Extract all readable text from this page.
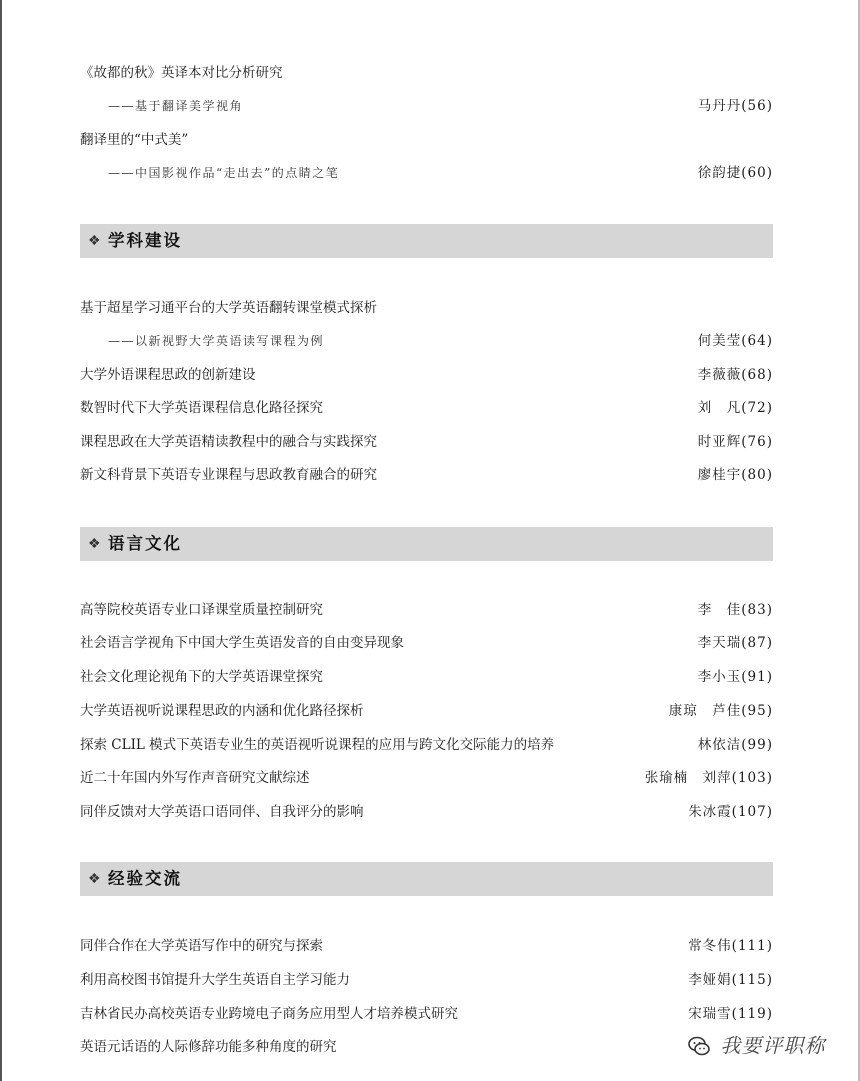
《故都的秋》英译本对比分析研究
——基于翻译美学视角	马丹丹(56)
翻译里的“中式美”
——中国影视作品“走出去”的点睛之笔	徐韵捷(60)
❖ 学科建设
基于超星学习通平台的大学英语翻转课堂模式探析
——以新视野大学英语读写课程为例	何美莹(64)
大学外语课程思政的创新建设	李薇薇(68)
数智时代下大学英语课程信息化路径探究	刘　凡(72)
课程思政在大学英语精读教程中的融合与实践探究	时亚辉(76)
新文科背景下英语专业课程与思政教育融合的研究	廖桂宇(80)
❖ 语言文化
高等院校英语专业口译课堂质量控制研究	李　佳(83)
社会语言学视角下中国大学生英语发音的自由变异现象	李天瑞(87)
社会文化理论视角下的大学英语课堂探究	李小玉(91)
大学英语视听说课程思政的内涵和优化路径探析	康琼　芦佳(95)
探索 CLIL 模式下英语专业生的英语视听说课程的应用与跨文化交际能力的培养	林依洁(99)
近二十年国内外写作声音研究文献综述	张瑜楠　刘萍(103)
同伴反馈对大学英语口语同伴、自我评分的影响	朱冰霞(107)
❖ 经验交流
同伴合作在大学英语写作中的研究与探索	常冬伟(111)
利用高校图书馆提升大学生英语自主学习能力	李娅娟(115)
吉林省民办高校英语专业跨境电子商务应用型人才培养模式研究	宋瑞雪(119)
英语元话语的人际修辞功能多种角度的研究	我要评职称
